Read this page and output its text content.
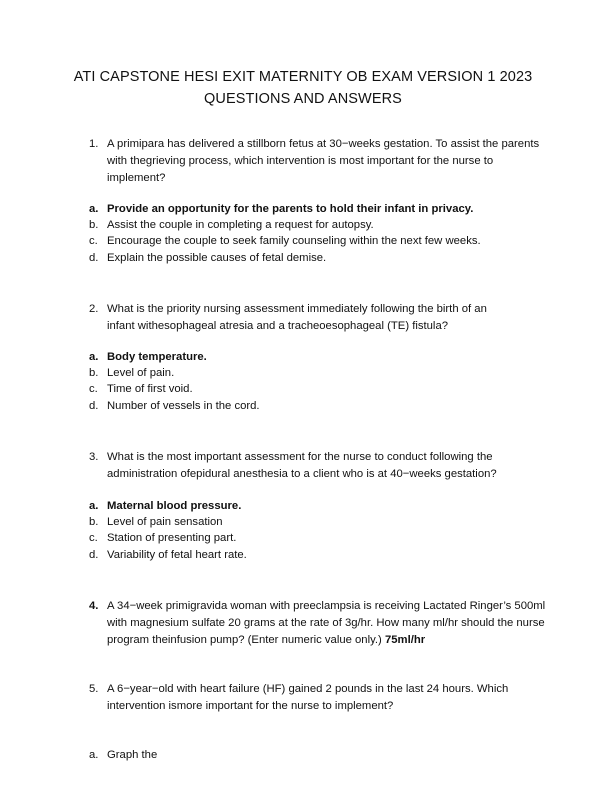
ATI CAPSTONE HESI EXIT MATERNITY OB EXAM VERSION 1 2023
QUESTIONS AND ANSWERS
1. A primipara has delivered a stillborn fetus at 30−weeks gestation. To assist the parents
with thegrieving process, which intervention is most important for the nurse to
implement?
a. Provide an opportunity for the parents to hold their infant in privacy.
b. Assist the couple in completing a request for autopsy.
c. Encourage the couple to seek family counseling within the next few weeks.
d. Explain the possible causes of fetal demise.
2. What is the priority nursing assessment immediately following the birth of an
infant withesophageal atresia and a tracheoesophageal (TE) fistula?
a. Body temperature.
b. Level of pain.
c. Time of first void.
d. Number of vessels in the cord.
3. What is the most important assessment for the nurse to conduct following the
administration ofepidural anesthesia to a client who is at 40−weeks gestation?
a. Maternal blood pressure.
b. Level of pain sensation
c. Station of presenting part.
d. Variability of fetal heart rate.
4. A 34−week primigravida woman with preeclampsia is receiving Lactated Ringer’s 500ml
with magnesium sulfate 20 grams at the rate of 3g/hr. How many ml/hr should the nurse
program theinfusion pump? (Enter numeric value only.) 75ml/hr
5. A 6−year−old with heart failure (HF) gained 2 pounds in the last 24 hours. Which
intervention ismore important for the nurse to implement?
a. Graph the
